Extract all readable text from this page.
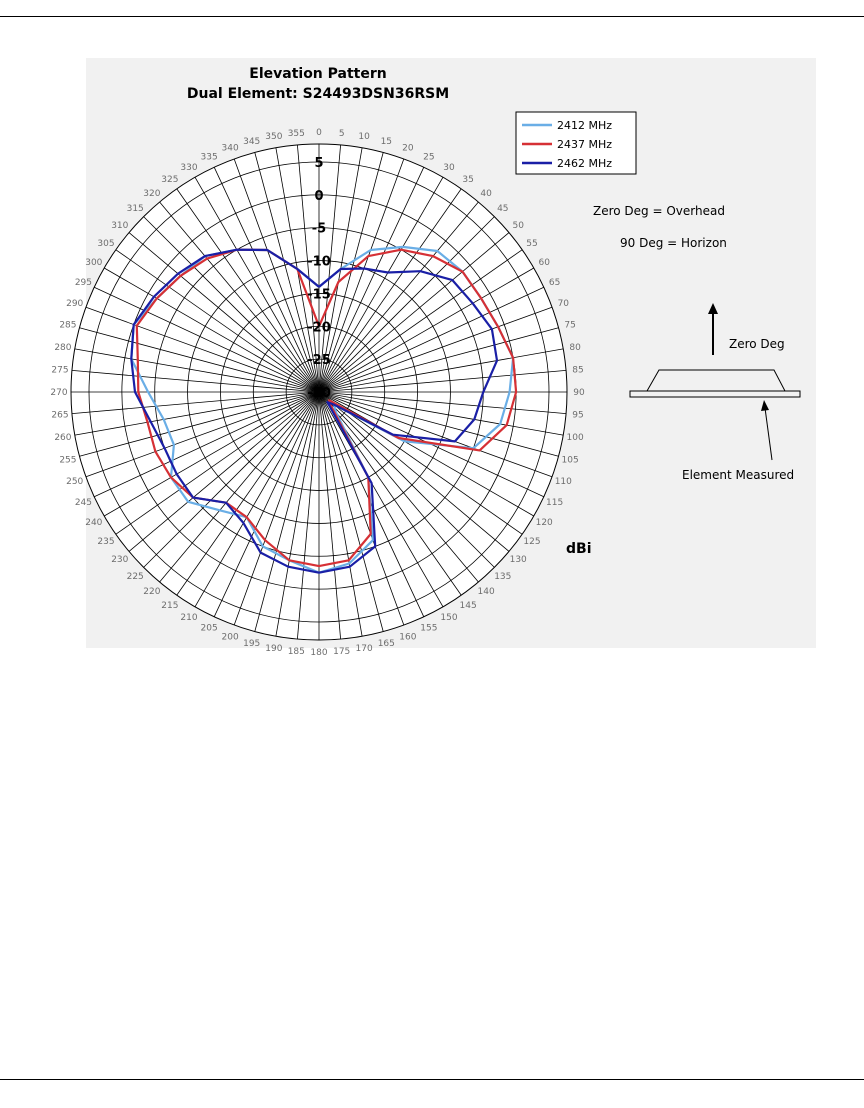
Elevation Pattern
Dual Element: S24493DSN36RSM
0 5 10 15
20
25
30
35
40
45
50
55
60
65
70
75
80
85
90
95
100
105
110
115
120
125
130
135
140
145
150
155
160
165
170
175
180
185
190
195
200
205
210
215
220
225
230
235
240
245
250
255
260
265
270
275
280
285
290
295
300
305
310
315
320
325
330
335
340
345 350 355
5
0
-5
-10
-15
-20
-25
-30
dBi
2412 MHz
2437 MHz
2462 MHz
Zero Deg = Overhead
90 Deg = Horizon
Zero Deg
Element Measured
